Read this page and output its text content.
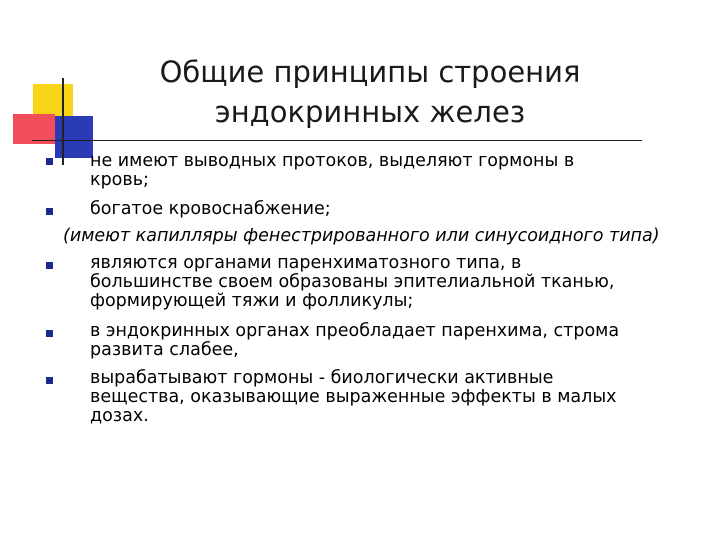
Общие принципы строения
эндокринных желез
не имеют выводных протоков, выделяют гормоны в
кровь;
богатое кровоснабжение;
(имеют капилляры фенестрированного или синусоидного типа)
являются органами паренхиматозного типа, в
большинстве своем образованы эпителиальной тканью,
формирующей тяжи и фолликулы;
в эндокринных органах преобладает паренхима, строма
развита слабее,
вырабатывают гормоны - биологически активные
вещества, оказывающие выраженные эффекты в малых
дозах.
